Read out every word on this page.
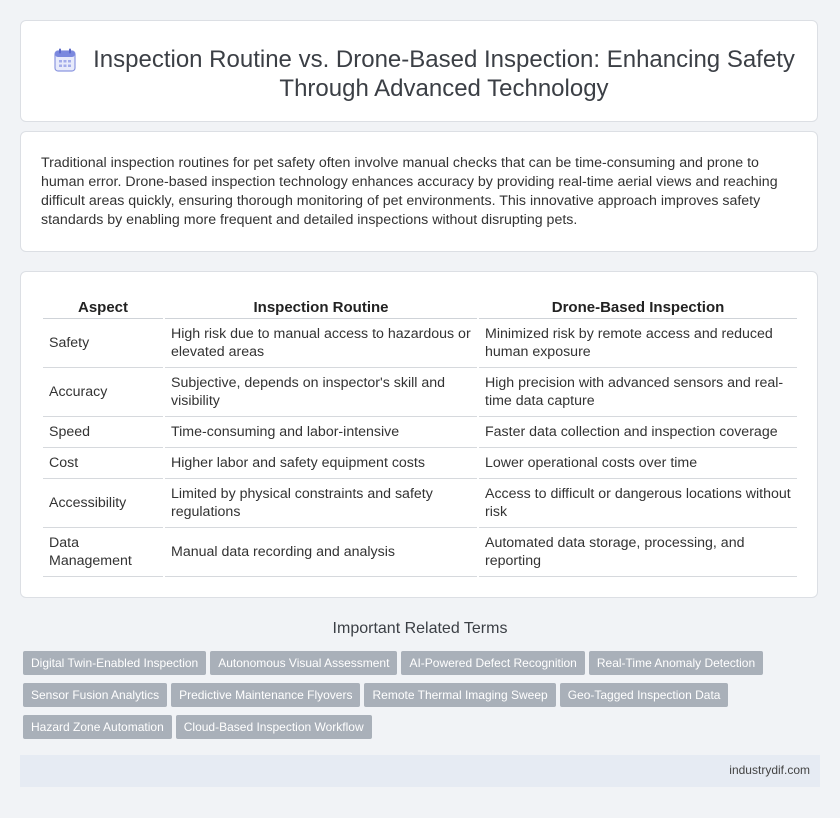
Inspection Routine vs. Drone-Based Inspection: Enhancing Safety Through Advanced Technology
Traditional inspection routines for pet safety often involve manual checks that can be time-consuming and prone to human error. Drone-based inspection technology enhances accuracy by providing real-time aerial views and reaching difficult areas quickly, ensuring thorough monitoring of pet environments. This innovative approach improves safety standards by enabling more frequent and detailed inspections without disrupting pets.
Aspect	Inspection Routine	Drone-Based Inspection
Safety	High risk due to manual access to hazardous or elevated areas	Minimized risk by remote access and reduced human exposure
Accuracy	Subjective, depends on inspector's skill and visibility	High precision with advanced sensors and real-time data capture
Speed	Time-consuming and labor-intensive	Faster data collection and inspection coverage
Cost	Higher labor and safety equipment costs	Lower operational costs over time
Accessibility	Limited by physical constraints and safety regulations	Access to difficult or dangerous locations without risk
Data Management	Manual data recording and analysis	Automated data storage, processing, and reporting
Important Related Terms
Digital Twin-Enabled Inspection Autonomous Visual Assessment AI-Powered Defect Recognition Real-Time Anomaly Detection
Sensor Fusion Analytics Predictive Maintenance Flyovers Remote Thermal Imaging Sweep Geo-Tagged Inspection Data
Hazard Zone Automation Cloud-Based Inspection Workflow
industrydif.com
